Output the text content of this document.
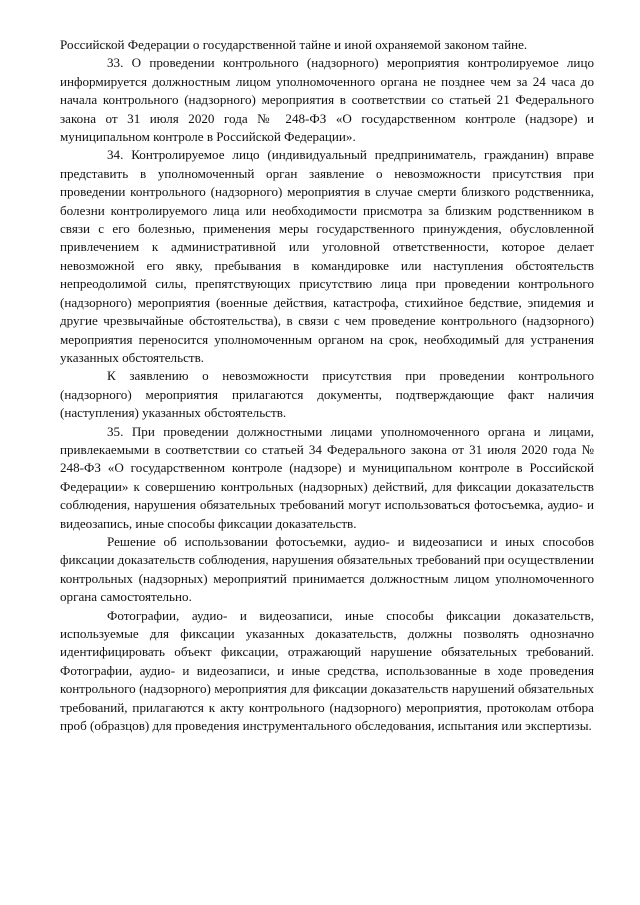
Российской Федерации о государственной тайне и иной охраняемой законом тайне.

33. О проведении контрольного (надзорного) мероприятия контролируемое лицо информируется должностным лицом уполномоченного органа не позднее чем за 24 часа до начала контрольного (надзорного) мероприятия в соответствии со статьей 21 Федерального закона от 31 июля 2020 года № 248-ФЗ «О государственном контроле (надзоре) и муниципальном контроле в Российской Федерации».

34. Контролируемое лицо (индивидуальный предприниматель, гражданин) вправе представить в уполномоченный орган заявление о невозможности присутствия при проведении контрольного (надзорного) мероприятия в случае смерти близкого родственника, болезни контролируемого лица или необходимости присмотра за близким родственником в связи с его болезнью, применения меры государственного принуждения, обусловленной привлечением к административной или уголовной ответственности, которое делает невозможной его явку, пребывания в командировке или наступления обстоятельств непреодолимой силы, препятствующих присутствию лица при проведении контрольного (надзорного) мероприятия (военные действия, катастрофа, стихийное бедствие, эпидемия и другие чрезвычайные обстоятельства), в связи с чем проведение контрольного (надзорного) мероприятия переносится уполномоченным органом на срок, необходимый для устранения указанных обстоятельств.

К заявлению о невозможности присутствия при проведении контрольного (надзорного) мероприятия прилагаются документы, подтверждающие факт наличия (наступления) указанных обстоятельств.

35. При проведении должностными лицами уполномоченного органа и лицами, привлекаемыми в соответствии со статьей 34 Федерального закона от 31 июля 2020 года № 248-ФЗ «О государственном контроле (надзоре) и муниципальном контроле в Российской Федерации» к совершению контрольных (надзорных) действий, для фиксации доказательств соблюдения, нарушения обязательных требований могут использоваться фотосъемка, аудио- и видеозапись, иные способы фиксации доказательств.

Решение об использовании фотосъемки, аудио- и видеозаписи и иных способов фиксации доказательств соблюдения, нарушения обязательных требований при осуществлении контрольных (надзорных) мероприятий принимается должностным лицом уполномоченного органа самостоятельно.

Фотографии, аудио- и видеозаписи, иные способы фиксации доказательств, используемые для фиксации указанных доказательств, должны позволять однозначно идентифицировать объект фиксации, отражающий нарушение обязательных требований. Фотографии, аудио- и видеозаписи, и иные средства, использованные в ходе проведения контрольного (надзорного) мероприятия для фиксации доказательств нарушений обязательных требований, прилагаются к акту контрольного (надзорного) мероприятия, протоколам отбора проб (образцов) для проведения инструментального обследования, испытания или экспертизы.
